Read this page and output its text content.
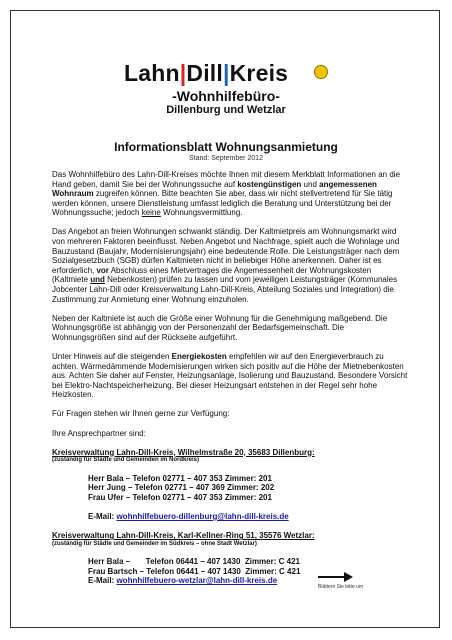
Lahn|Dill|Kreis
-Wohnhilfebüro-
Dillenburg und Wetzlar
Informationsblatt Wohnungsanmietung
Stand: September 2012

Das Wohnhilfebüro des Lahn-Dill-Kreises möchte Ihnen mit diesem Merkblatt Informationen an die Hand geben, damit Sie bei der Wohnungssuche auf kostengünstigen und angemessenen Wohnraum zugreifen können. Bitte beachten Sie aber, dass wir nicht stellvertretend für Sie tätig werden können, unsere Dienstleistung umfasst lediglich die Beratung und Unterstützung bei der Wohnungssuche; jedoch keine Wohnungsvermittlung.

Das Angebot an freien Wohnungen schwankt ständig. Der Kaltmietpreis am Wohnungsmarkt wird von mehreren Faktoren beeinflusst. Neben Angebot und Nachfrage, spielt auch die Wohnlage und Bauzustand (Baujahr, Modernisierungsjahr) eine bedeutende Rolle. Die Leistungsträger nach dem Sozialgesetzbuch (SGB) dürfen Kaltmieten nicht in beliebiger Höhe anerkennen. Daher ist es erforderlich, vor Abschluss eines Mietvertrages die Angemessenheit der Wohnungskosten (Kaltmiete und Nebenkosten) prüfen zu lassen und vom jeweiligen Leistungsträger (Kommunales Jobcenter Lahn-Dill oder Kreisverwaltung Lahn-Dill-Kreis, Abteilung Soziales und Integration) die Zustimmung zur Anmietung einer Wohnung einzuholen.

Neben der Kaltmiete ist auch die Größe einer Wohnung für die Genehmigung maßgebend. Die Wohnungsgröße ist abhängig von der Personenzahl der Bedarfsgemeinschaft. Die Wohnungsgrößen sind auf der Rückseite aufgeführt.

Unter Hinweis auf die steigenden Energiekosten empfehlen wir auf den Energieverbrauch zu achten. Wärmedämmende Modernisierungen wirken sich positiv auf die Höhe der Mietnebenkosten aus. Achten Sie daher auf Fenster, Heizungsanlage, Isolierung und Bauzustand. Besondere Vorsicht bei Elektro-Nachtspeicherheizung. Bei dieser Heizungsart entstehen in der Regel sehr hohe Heizkosten.

Für Fragen stehen wir Ihnen gerne zur Verfügung:

Ihre Ansprechpartner sind:

Kreisverwaltung Lahn-Dill-Kreis, Wilhelmstraße 20, 35683 Dillenburg:

(zuständig für Städte und Gemeinden im Nordkreis)

Herr Bala – Telefon 02771 – 407 353 Zimmer: 201

Herr Jung – Telefon 02771 – 407 369 Zimmer: 202

Frau Ufer – Telefon 02771 – 407 353 Zimmer: 201

E-Mail: wohnhilfebuero-dillenburg@lahn-dill-kreis.de

Kreisverwaltung Lahn-Dill-Kreis, Karl-Kellner-Ring 51, 35576 Wetzlar:

(zuständig für Städte und Gemeinden im Südkreis – ohne Stadt Wetzlar)

Herr Bala –       Telefon 06441 – 407 1430  Zimmer: C 421

Frau Bartsch – Telefon 06441 – 407 1430  Zimmer: C 421

E-Mail: wohnhilfebuero-wetzlar@lahn-dill-kreis.de

Blättern Sie bitte um
